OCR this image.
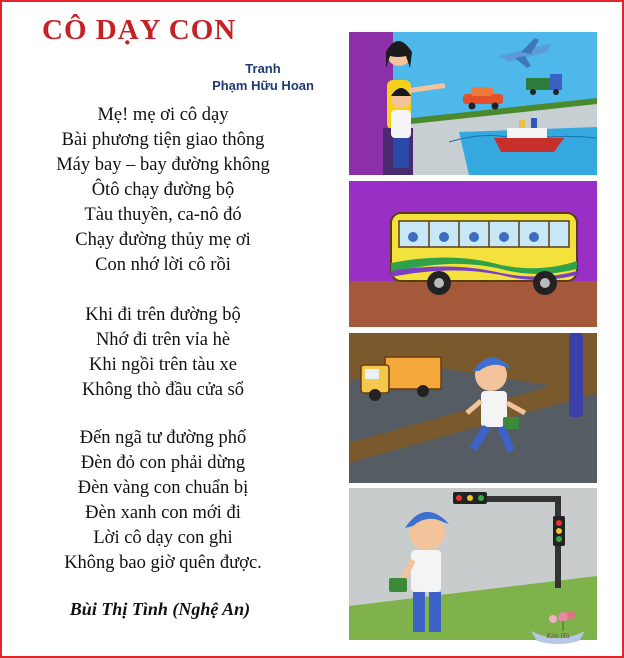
CÔ DẠY CON
Tranh
Phạm Hữu Hoan
Mẹ! mẹ ơi cô dạy
Bài phương tiện giao thông
Máy bay – bay đường không
Ôtô chạy đường bộ
Tàu thuyền, ca-nô đó
Chạy đường thủy mẹ ơi
Con nhớ lời cô rồi
Khi đi trên đường bộ
Nhớ đi trên vỉa hè
Khi ngồi trên tàu xe
Không thò đầu cửa sổ
Đến ngã tư đường phố
Đèn đỏ con phải dừng
Đèn vàng con chuẩn bị
Đèn xanh con mới đi
Lời cô dạy con ghi
Không bao giờ quên được.
Bùi Thị Tình (Nghệ An)
Kim Hà
